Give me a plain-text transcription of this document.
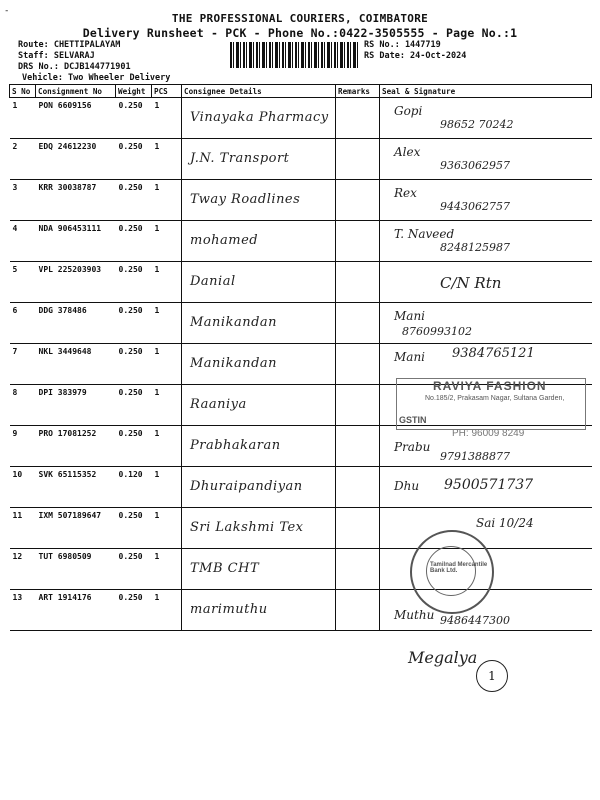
-
THE PROFESSIONAL COURIERS, COIMBATORE
Delivery Runsheet - PCK - Phone No.:0422-3505555 - Page No.:1
Route: CHETTIPALAYAM
Staff: SELVARAJ
DRS No.: DCJB144771901
Vehicle: Two Wheeler Delivery
RS No.: 1447719
RS Date: 24-Oct-2024
S No	Consignment No	Weight	PCS	Consignee Details	Remarks	Seal & Signature

1	PON 6609156	0.250	1	Vinayaka Pharmacy		Gopi
98652 70242

2	EDQ 24612230	0.250	1	J.N. Transport		Alex
9363062957

3	KRR 30038787	0.250	1	Tway Roadlines		Rex
9443062757

4	NDA 906453111	0.250	1	mohamed		T. Naveed
8248125987

5	VPL 225203903	0.250	1	Danial		C/N Rtn

6	DDG 378486	0.250	1	Manikandan		Mani
8760993102

7	NKL 3449648	0.250	1	Manikandan		Mani 9384765121

8	DPI 383979	0.250	1	Raaniya		

9	PRO 17081252	0.250	1	Prabhakaran		Prabu
9791388877

10	SVK 65115352	0.120	1	Dhuraipandiyan		Dhu 9500571737

11	IXM 507189647	0.250	1	Sri Lakshmi Tex		Sai 10/24

12	TUT 6980509	0.250	1	TMB CHT		

13	ART 1914176	0.250	1	marimuthu		Muthu 9486447300
RAVIYA FASHION
No.185/2, Prakasam Nagar, Sultana Garden,
GSTIN
PH: 96009 8249
Tamilnad Mercantile Bank Ltd.
Megalya
1
